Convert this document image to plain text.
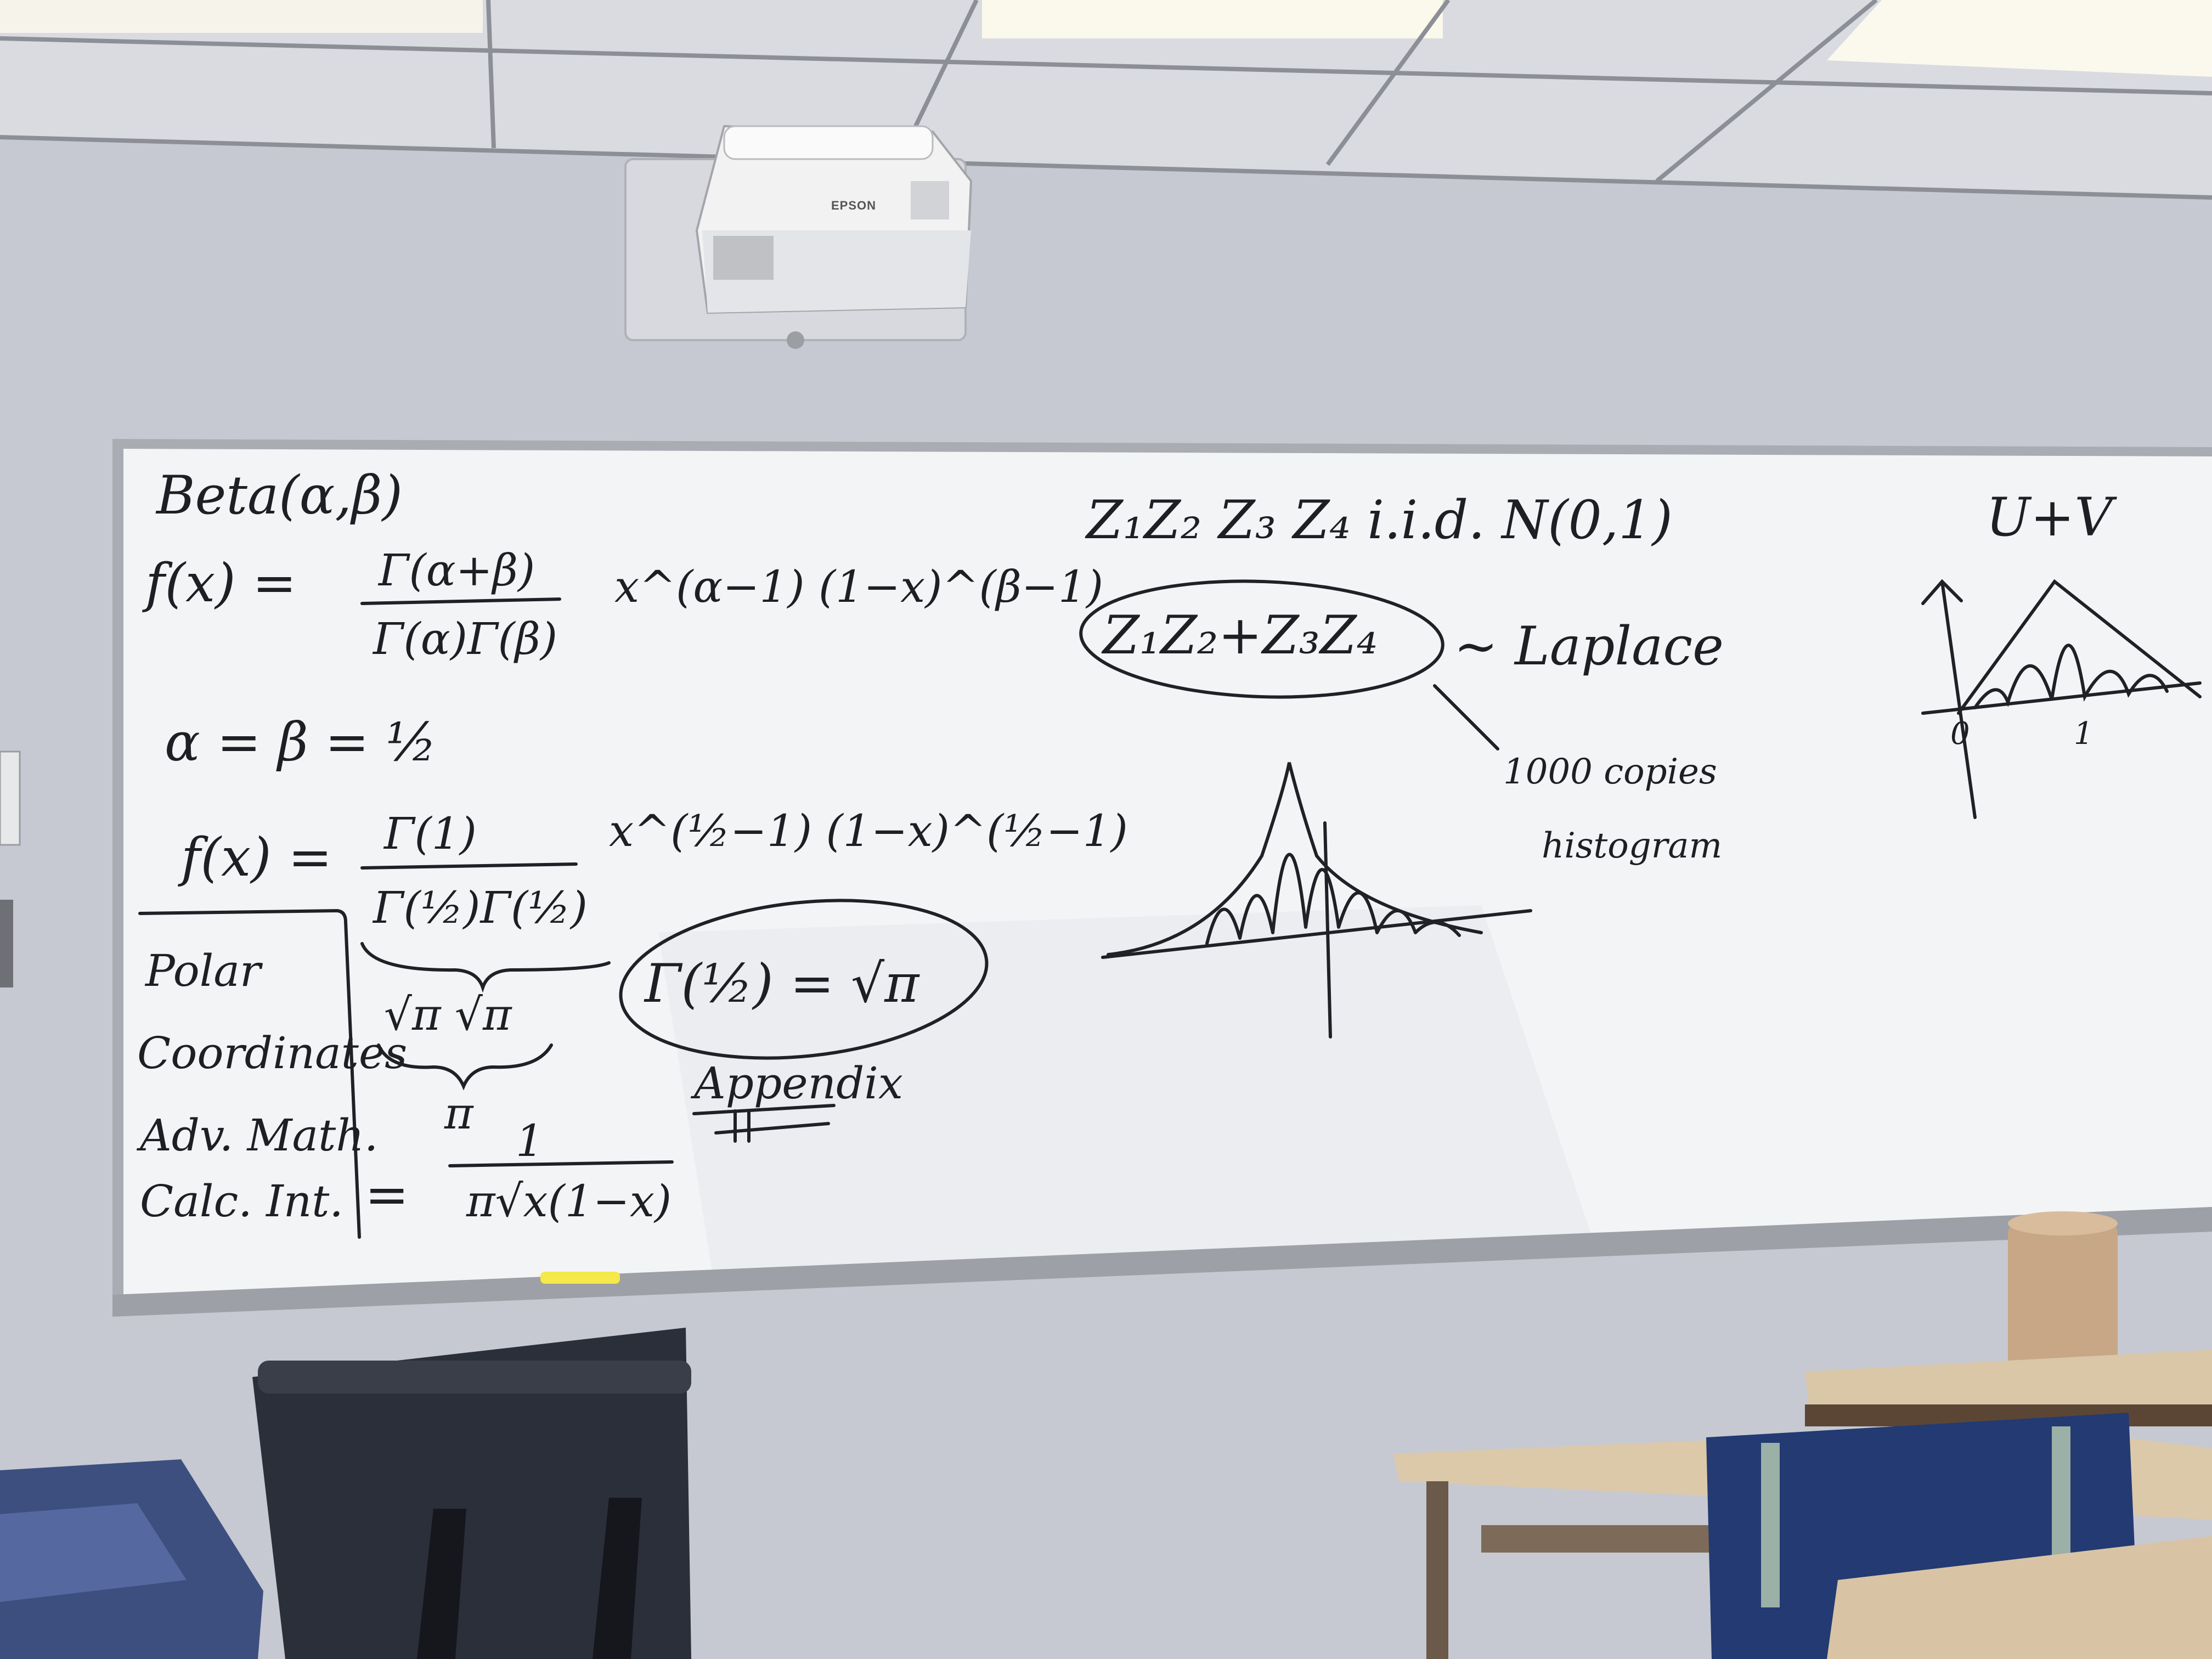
EPSON
Beta(α,β)
f(x) = Γ(α+β)
Γ(α)Γ(β)
x^(α−1) (1−x)^(β−1)
α = β = ½
f(x) = Γ(1)
Γ(½)Γ(½)
x^(½−1) (1−x)^(½−1)
√π √π
π
=
1
π√x(1−x)
Polar
Coordinates
Adv. Math.
Calc. Int.
Γ(½) = √π
Appendix
Z₁Z₂ Z₃ Z₄ i.i.d. N(0,1)
Z₁Z₂+Z₃Z₄ ~ Laplace
1000 copies
histogram
U+V
0	1
